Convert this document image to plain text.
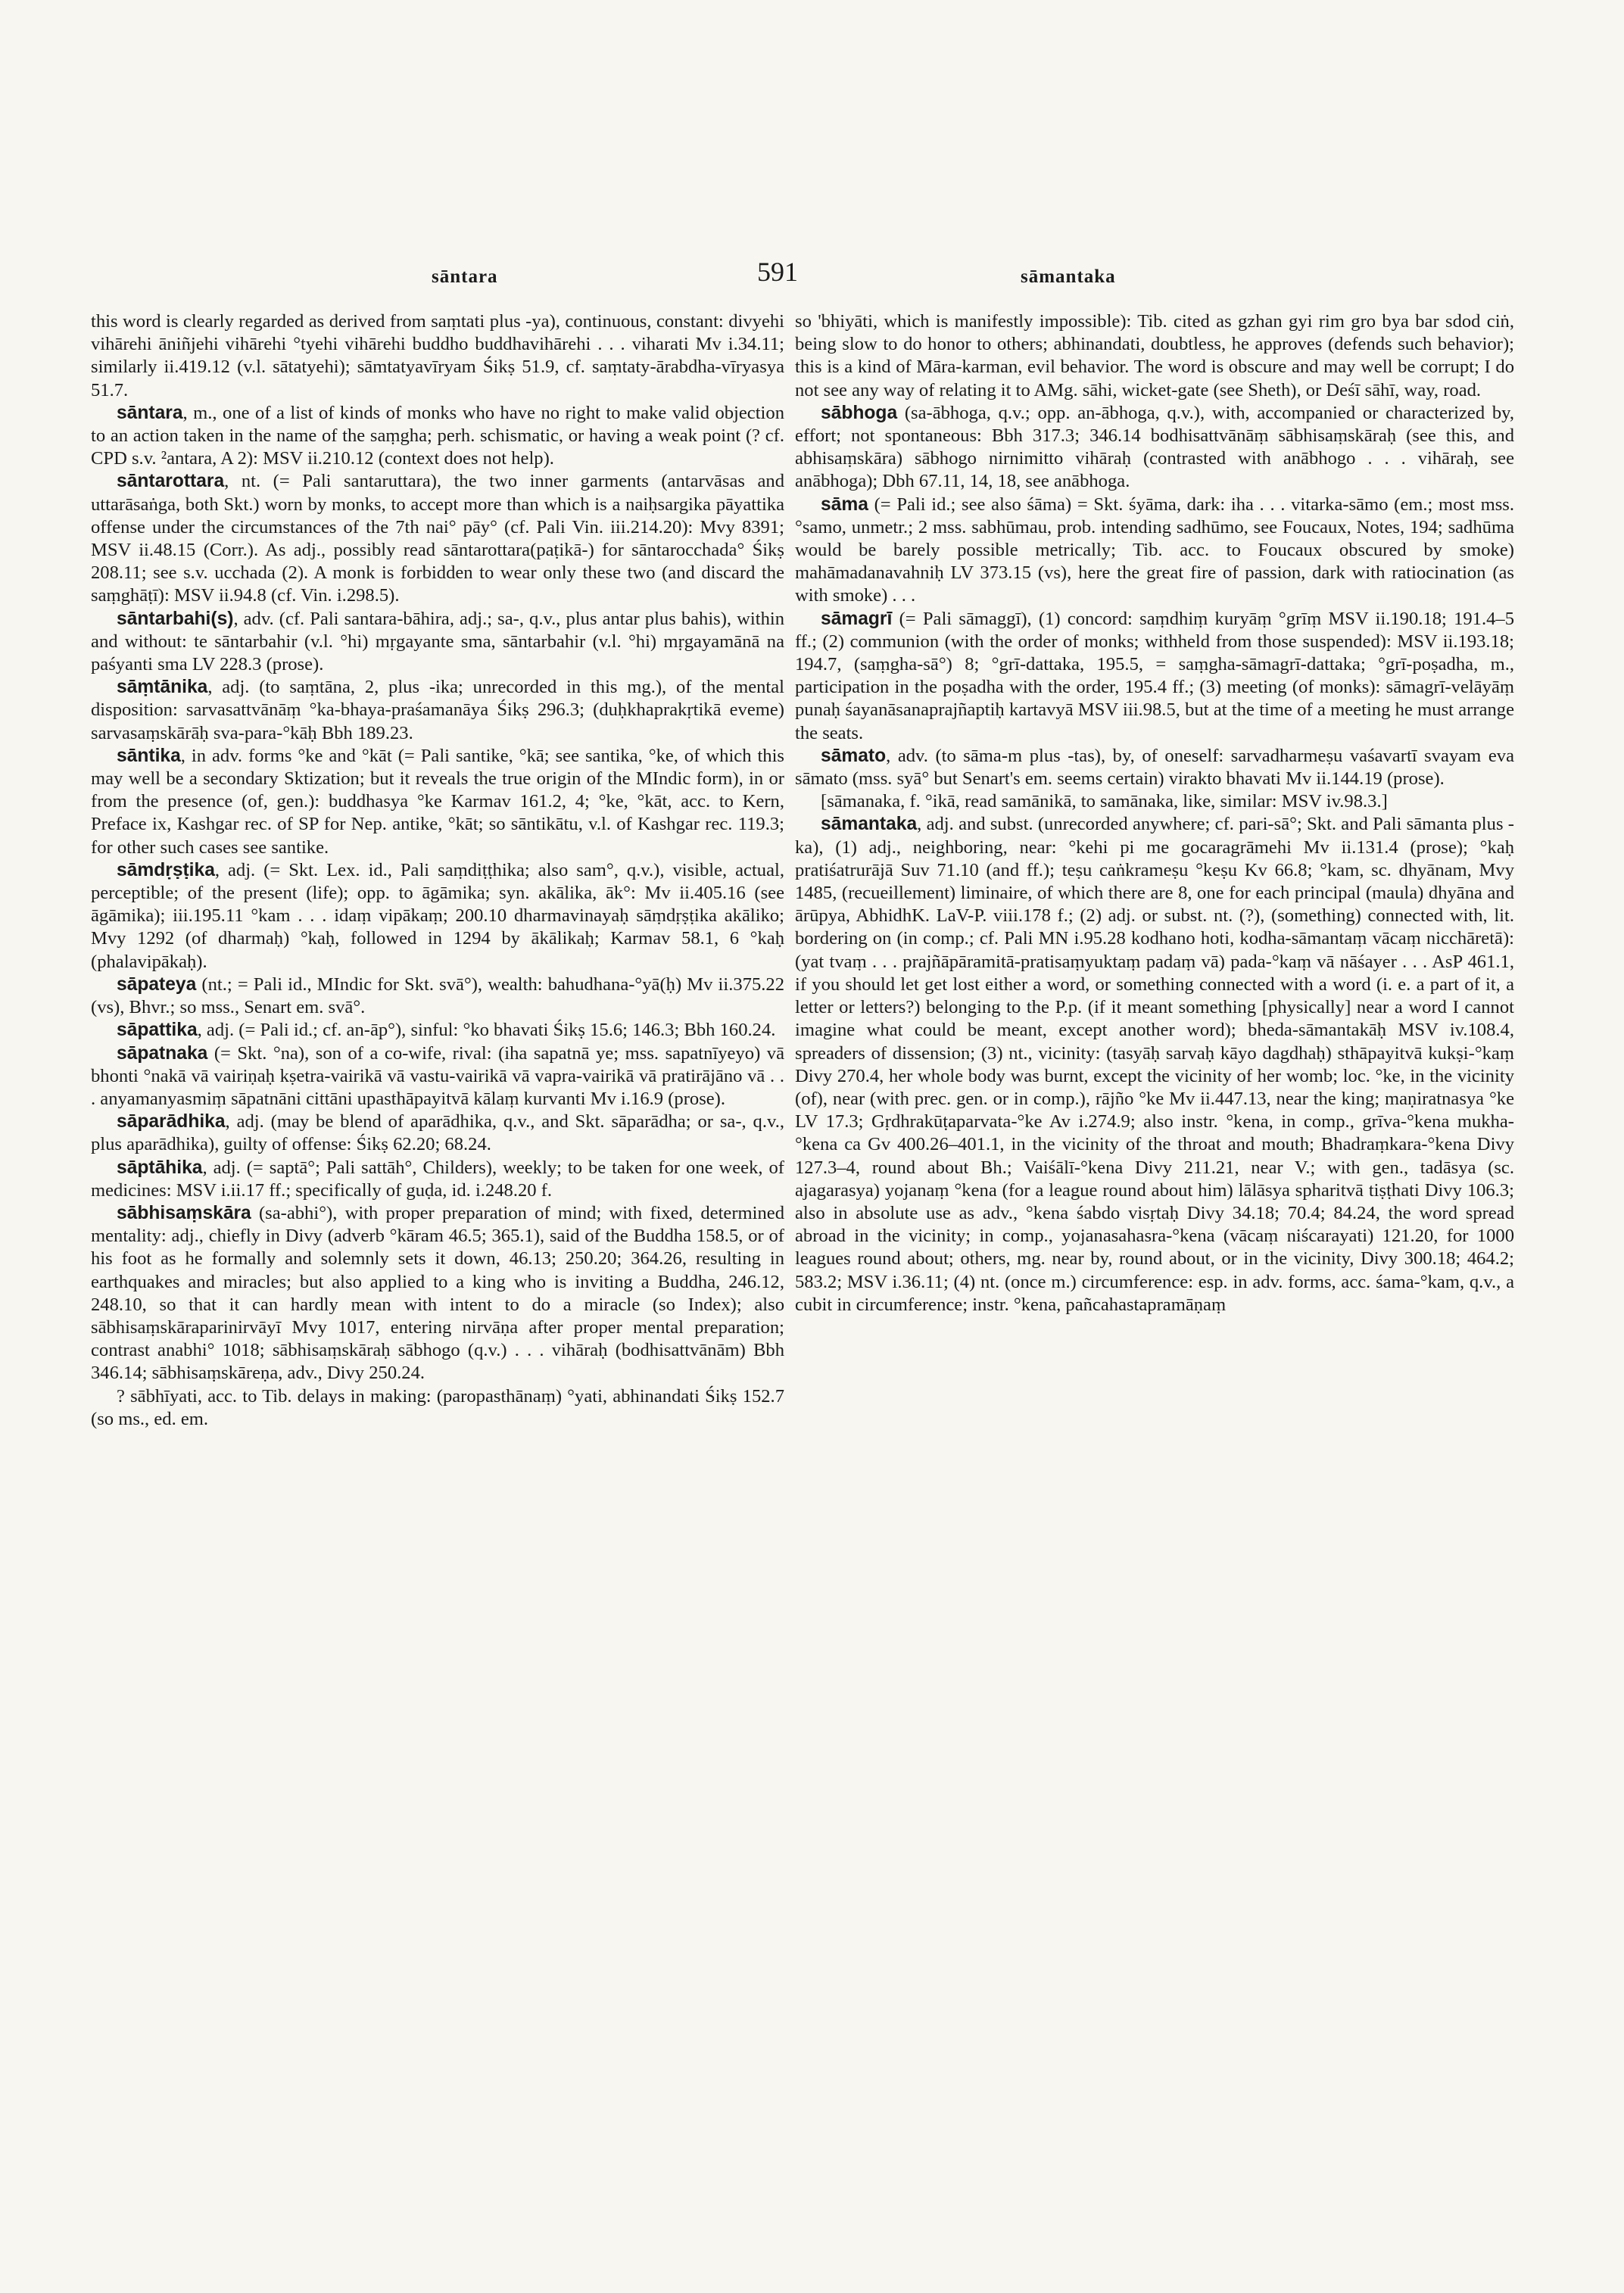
sāntara	591	sāmantaka

this word is clearly regarded as derived from saṃtati plus -ya), continuous, constant: divyehi vihārehi āniñjehi vihārehi °tyehi vihārehi buddho buddhavihārehi . . . viharati Mv i.34.11; similarly ii.419.12 (v.l. sātatyehi); sāmtatyavīryam Śikṣ 51.9, cf. saṃtaty-ārabdha-vīryasya 51.7.

sāntara, m., one of a list of kinds of monks who have no right to make valid objection to an action taken in the name of the saṃgha; perh. schismatic, or having a weak point (? cf. CPD s.v. ²antara, A 2): MSV ii.210.12 (context does not help).

sāntarottara, nt. (= Pali santaruttara), the two inner garments (antarvāsas and uttarāsaṅga, both Skt.) worn by monks, to accept more than which is a naiḥsargika pāyattika offense under the circumstances of the 7th nai° pāy° (cf. Pali Vin. iii.214.20): Mvy 8391; MSV ii.48.15 (Corr.). As adj., possibly read sāntarottara(paṭikā-) for sāntarocchada° Śikṣ 208.11; see s.v. ucchada (2). A monk is forbidden to wear only these two (and discard the saṃghāṭī): MSV ii.94.8 (cf. Vin. i.298.5).

sāntarbahi(s), adv. (cf. Pali santara-bāhira, adj.; sa-, q.v., plus antar plus bahis), within and without: te sāntarbahir (v.l. °hi) mṛgayante sma, sāntarbahir (v.l. °hi) mṛgayamānā na paśyanti sma LV 228.3 (prose).

sāṃtānika, adj. (to saṃtāna, 2, plus -ika; unrecorded in this mg.), of the mental disposition: sarvasattvānāṃ °ka-bhaya-praśamanāya Śikṣ 296.3; (duḥkhaprakṛtikā eveme) sarvasaṃskārāḥ sva-para-°kāḥ Bbh 189.23.

sāntika, in adv. forms °ke and °kāt (= Pali santike, °kā; see santika, °ke, of which this may well be a secondary Sktization; but it reveals the true origin of the MIndic form), in or from the presence (of, gen.): buddhasya °ke Karmav 161.2, 4; °ke, °kāt, acc. to Kern, Preface ix, Kashgar rec. of SP for Nep. antike, °kāt; so sāntikātu, v.l. of Kashgar rec. 119.3; for other such cases see santike.

sāmdṛṣṭika, adj. (= Skt. Lex. id., Pali saṃdiṭṭhika; also sam°, q.v.), visible, actual, perceptible; of the present (life); opp. to āgāmika; syn. akālika, āk°: Mv ii.405.16 (see āgāmika); iii.195.11 °kam . . . idaṃ vipākaṃ; 200.10 dharmavinayaḥ sāṃdṛṣṭika akāliko; Mvy 1292 (of dharmaḥ) °kaḥ, followed in 1294 by ākālikaḥ; Karmav 58.1, 6 °kaḥ (phalavipākaḥ).

sāpateya (nt.; = Pali id., MIndic for Skt. svā°), wealth: bahudhana-°yā(ḥ) Mv ii.375.22 (vs), Bhvr.; so mss., Senart em. svā°.

sāpattika, adj. (= Pali id.; cf. an-āp°), sinful: °ko bhavati Śikṣ 15.6; 146.3; Bbh 160.24.

sāpatnaka (= Skt. °na), son of a co-wife, rival: (iha sapatnā ye; mss. sapatnīyeyo) vā bhonti °nakā vā vairiṇaḥ kṣetra-vairikā vā vastu-vairikā vā vapra-vairikā vā pratirājāno vā . . . anyamanyasmiṃ sāpatnāni cittāni upasthāpayitvā kālaṃ kurvanti Mv i.16.9 (prose).

sāparādhika, adj. (may be blend of aparādhika, q.v., and Skt. sāparādha; or sa-, q.v., plus aparādhika), guilty of offense: Śikṣ 62.20; 68.24.

sāptāhika, adj. (= saptā°; Pali sattāh°, Childers), weekly; to be taken for one week, of medicines: MSV i.ii.17 ff.; specifically of guḍa, id. i.248.20 f.

sābhisaṃskāra (sa-abhi°), with proper preparation of mind; with fixed, determined mentality: adj., chiefly in Divy (adverb °kāram 46.5; 365.1), said of the Buddha 158.5, or of his foot as he formally and solemnly sets it down, 46.13; 250.20; 364.26, resulting in earthquakes and miracles; but also applied to a king who is inviting a Buddha, 246.12, 248.10, so that it can hardly mean with intent to do a miracle (so Index); also sābhisaṃskāraparinirvāyī Mvy 1017, entering nirvāṇa after proper mental preparation; contrast anabhi° 1018; sābhisaṃskāraḥ sābhogo (q.v.) . . . vihāraḥ (bodhisattvānām) Bbh 346.14; sābhisaṃskāreṇa, adv., Divy 250.24.

? sābhīyati, acc. to Tib. delays in making: (paropasthānaṃ) °yati, abhinandati Śikṣ 152.7 (so ms., ed. em.

so 'bhiyāti, which is manifestly impossible): Tib. cited as gzhan gyi rim gro bya bar sdod ciṅ, being slow to do honor to others; abhinandati, doubtless, he approves (defends such behavior); this is a kind of Māra-karman, evil behavior. The word is obscure and may well be corrupt; I do not see any way of relating it to AMg. sāhi, wicket-gate (see Sheth), or Deśī sāhī, way, road.

sābhoga (sa-ābhoga, q.v.; opp. an-ābhoga, q.v.), with, accompanied or characterized by, effort; not spontaneous: Bbh 317.3; 346.14 bodhisattvānāṃ sābhisaṃskāraḥ (see this, and abhisaṃskāra) sābhogo nirnimitto vihāraḥ (contrasted with anābhogo . . . vihāraḥ, see anābhoga); Dbh 67.11, 14, 18, see anābhoga.

sāma (= Pali id.; see also śāma) = Skt. śyāma, dark: iha . . . vitarka-sāmo (em.; most mss. °samo, unmetr.; 2 mss. sabhūmau, prob. intending sadhūmo, see Foucaux, Notes, 194; sadhūma would be barely possible metrically; Tib. acc. to Foucaux obscured by smoke) mahāmadanavahniḥ LV 373.15 (vs), here the great fire of passion, dark with ratiocination (as with smoke) . . .

sāmagrī (= Pali sāmaggī), (1) concord: saṃdhiṃ kuryāṃ °grīṃ MSV ii.190.18; 191.4–5 ff.; (2) communion (with the order of monks; withheld from those suspended): MSV ii.193.18; 194.7, (saṃgha-sā°) 8; °grī-dattaka, 195.5, = saṃgha-sāmagrī-dattaka; °grī-poṣadha, m., participation in the poṣadha with the order, 195.4 ff.; (3) meeting (of monks): sāmagrī-velāyāṃ punaḥ śayanāsanaprajñaptiḥ kartavyā MSV iii.98.5, but at the time of a meeting he must arrange the seats.

sāmato, adv. (to sāma-m plus -tas), by, of oneself: sarvadharmeṣu vaśavartī svayam eva sāmato (mss. syā° but Senart's em. seems certain) virakto bhavati Mv ii.144.19 (prose).

[sāmanaka, f. °ikā, read samānikā, to samānaka, like, similar: MSV iv.98.3.]

sāmantaka, adj. and subst. (unrecorded anywhere; cf. pari-sā°; Skt. and Pali sāmanta plus -ka), (1) adj., neighboring, near: °kehi pi me gocaragrāmehi Mv ii.131.4 (prose); °kaḥ pratiśatrurājā Suv 71.10 (and ff.); teṣu caṅkrameṣu °keṣu Kv 66.8; °kam, sc. dhyānam, Mvy 1485, (recueillement) liminaire, of which there are 8, one for each principal (maula) dhyāna and ārūpya, AbhidhK. LaV-P. viii.178 f.; (2) adj. or subst. nt. (?), (something) connected with, lit. bordering on (in comp.; cf. Pali MN i.95.28 kodhano hoti, kodha-sāmantaṃ vācaṃ nicchāretā): (yat tvaṃ . . . prajñāpāramitā-pratisaṃyuktaṃ padaṃ vā) pada-°kaṃ vā nāśayer . . . AsP 461.1, if you should let get lost either a word, or something connected with a word (i. e. a part of it, a letter or letters?) belonging to the P.p. (if it meant something [physically] near a word I cannot imagine what could be meant, except another word); bheda-sāmantakāḥ MSV iv.108.4, spreaders of dissension; (3) nt., vicinity: (tasyāḥ sarvaḥ kāyo dagdhaḥ) sthāpayitvā kukṣi-°kaṃ Divy 270.4, her whole body was burnt, except the vicinity of her womb; loc. °ke, in the vicinity (of), near (with prec. gen. or in comp.), rājño °ke Mv ii.447.13, near the king; maṇiratnasya °ke LV 17.3; Gṛdhrakūṭaparvata-°ke Av i.274.9; also instr. °kena, in comp., grīva-°kena mukha-°kena ca Gv 400.26–401.1, in the vicinity of the throat and mouth; Bhadraṃkara-°kena Divy 127.3–4, round about Bh.; Vaiśālī-°kena Divy 211.21, near V.; with gen., tadāsya (sc. ajagarasya) yojanaṃ °kena (for a league round about him) lālāsya spharitvā tiṣṭhati Divy 106.3; also in absolute use as adv., °kena śabdo visṛtaḥ Divy 34.18; 70.4; 84.24, the word spread abroad in the vicinity; in comp., yojanasahasra-°kena (vācaṃ niścarayati) 121.20, for 1000 leagues round about; others, mg. near by, round about, or in the vicinity, Divy 300.18; 464.2; 583.2; MSV i.36.11; (4) nt. (once m.) circumference: esp. in adv. forms, acc. śama-°kam, q.v., a cubit in circumference; instr. °kena, pañcahastapramāṇaṃ
